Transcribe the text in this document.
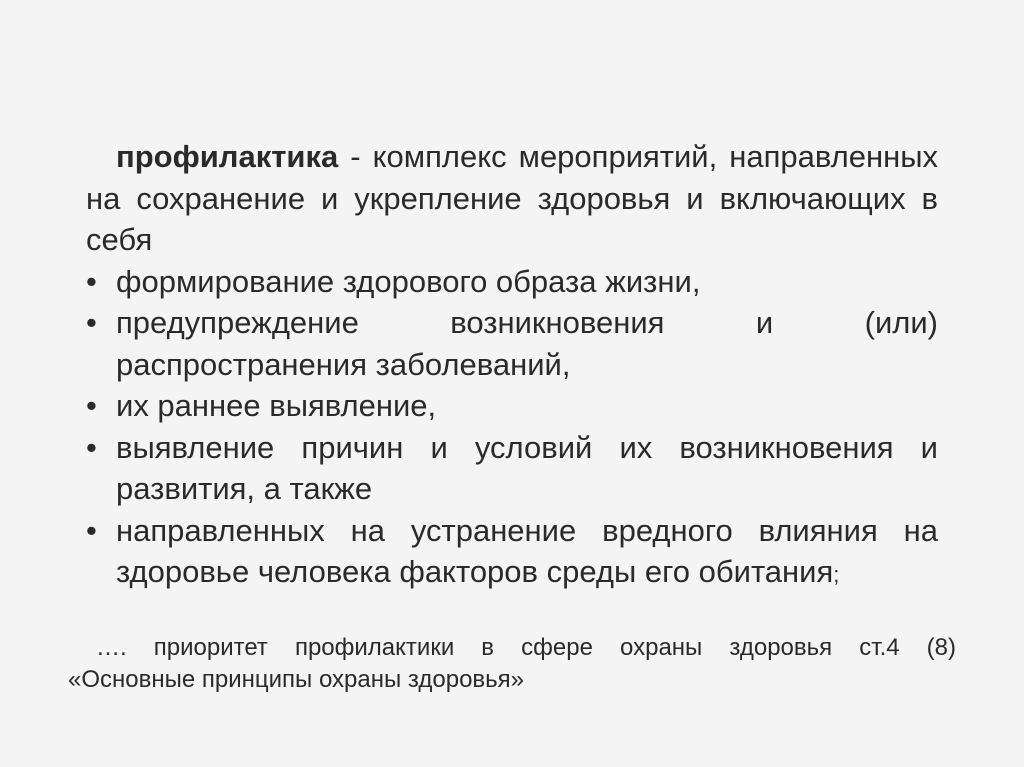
профилактика - комплекс мероприятий, направленных на сохранение и укрепление здоровья и включающих в себя

• формирование здорового образа жизни,
• предупреждение возникновения и (или) распространения заболеваний,
• их раннее выявление,
• выявление причин и условий их возникновения и развития, а также
• направленных на устранение вредного влияния на здоровье человека факторов среды его обитания;
…. приоритет профилактики в сфере охраны здоровья ст.4 (8)
«Основные принципы охраны здоровья»
